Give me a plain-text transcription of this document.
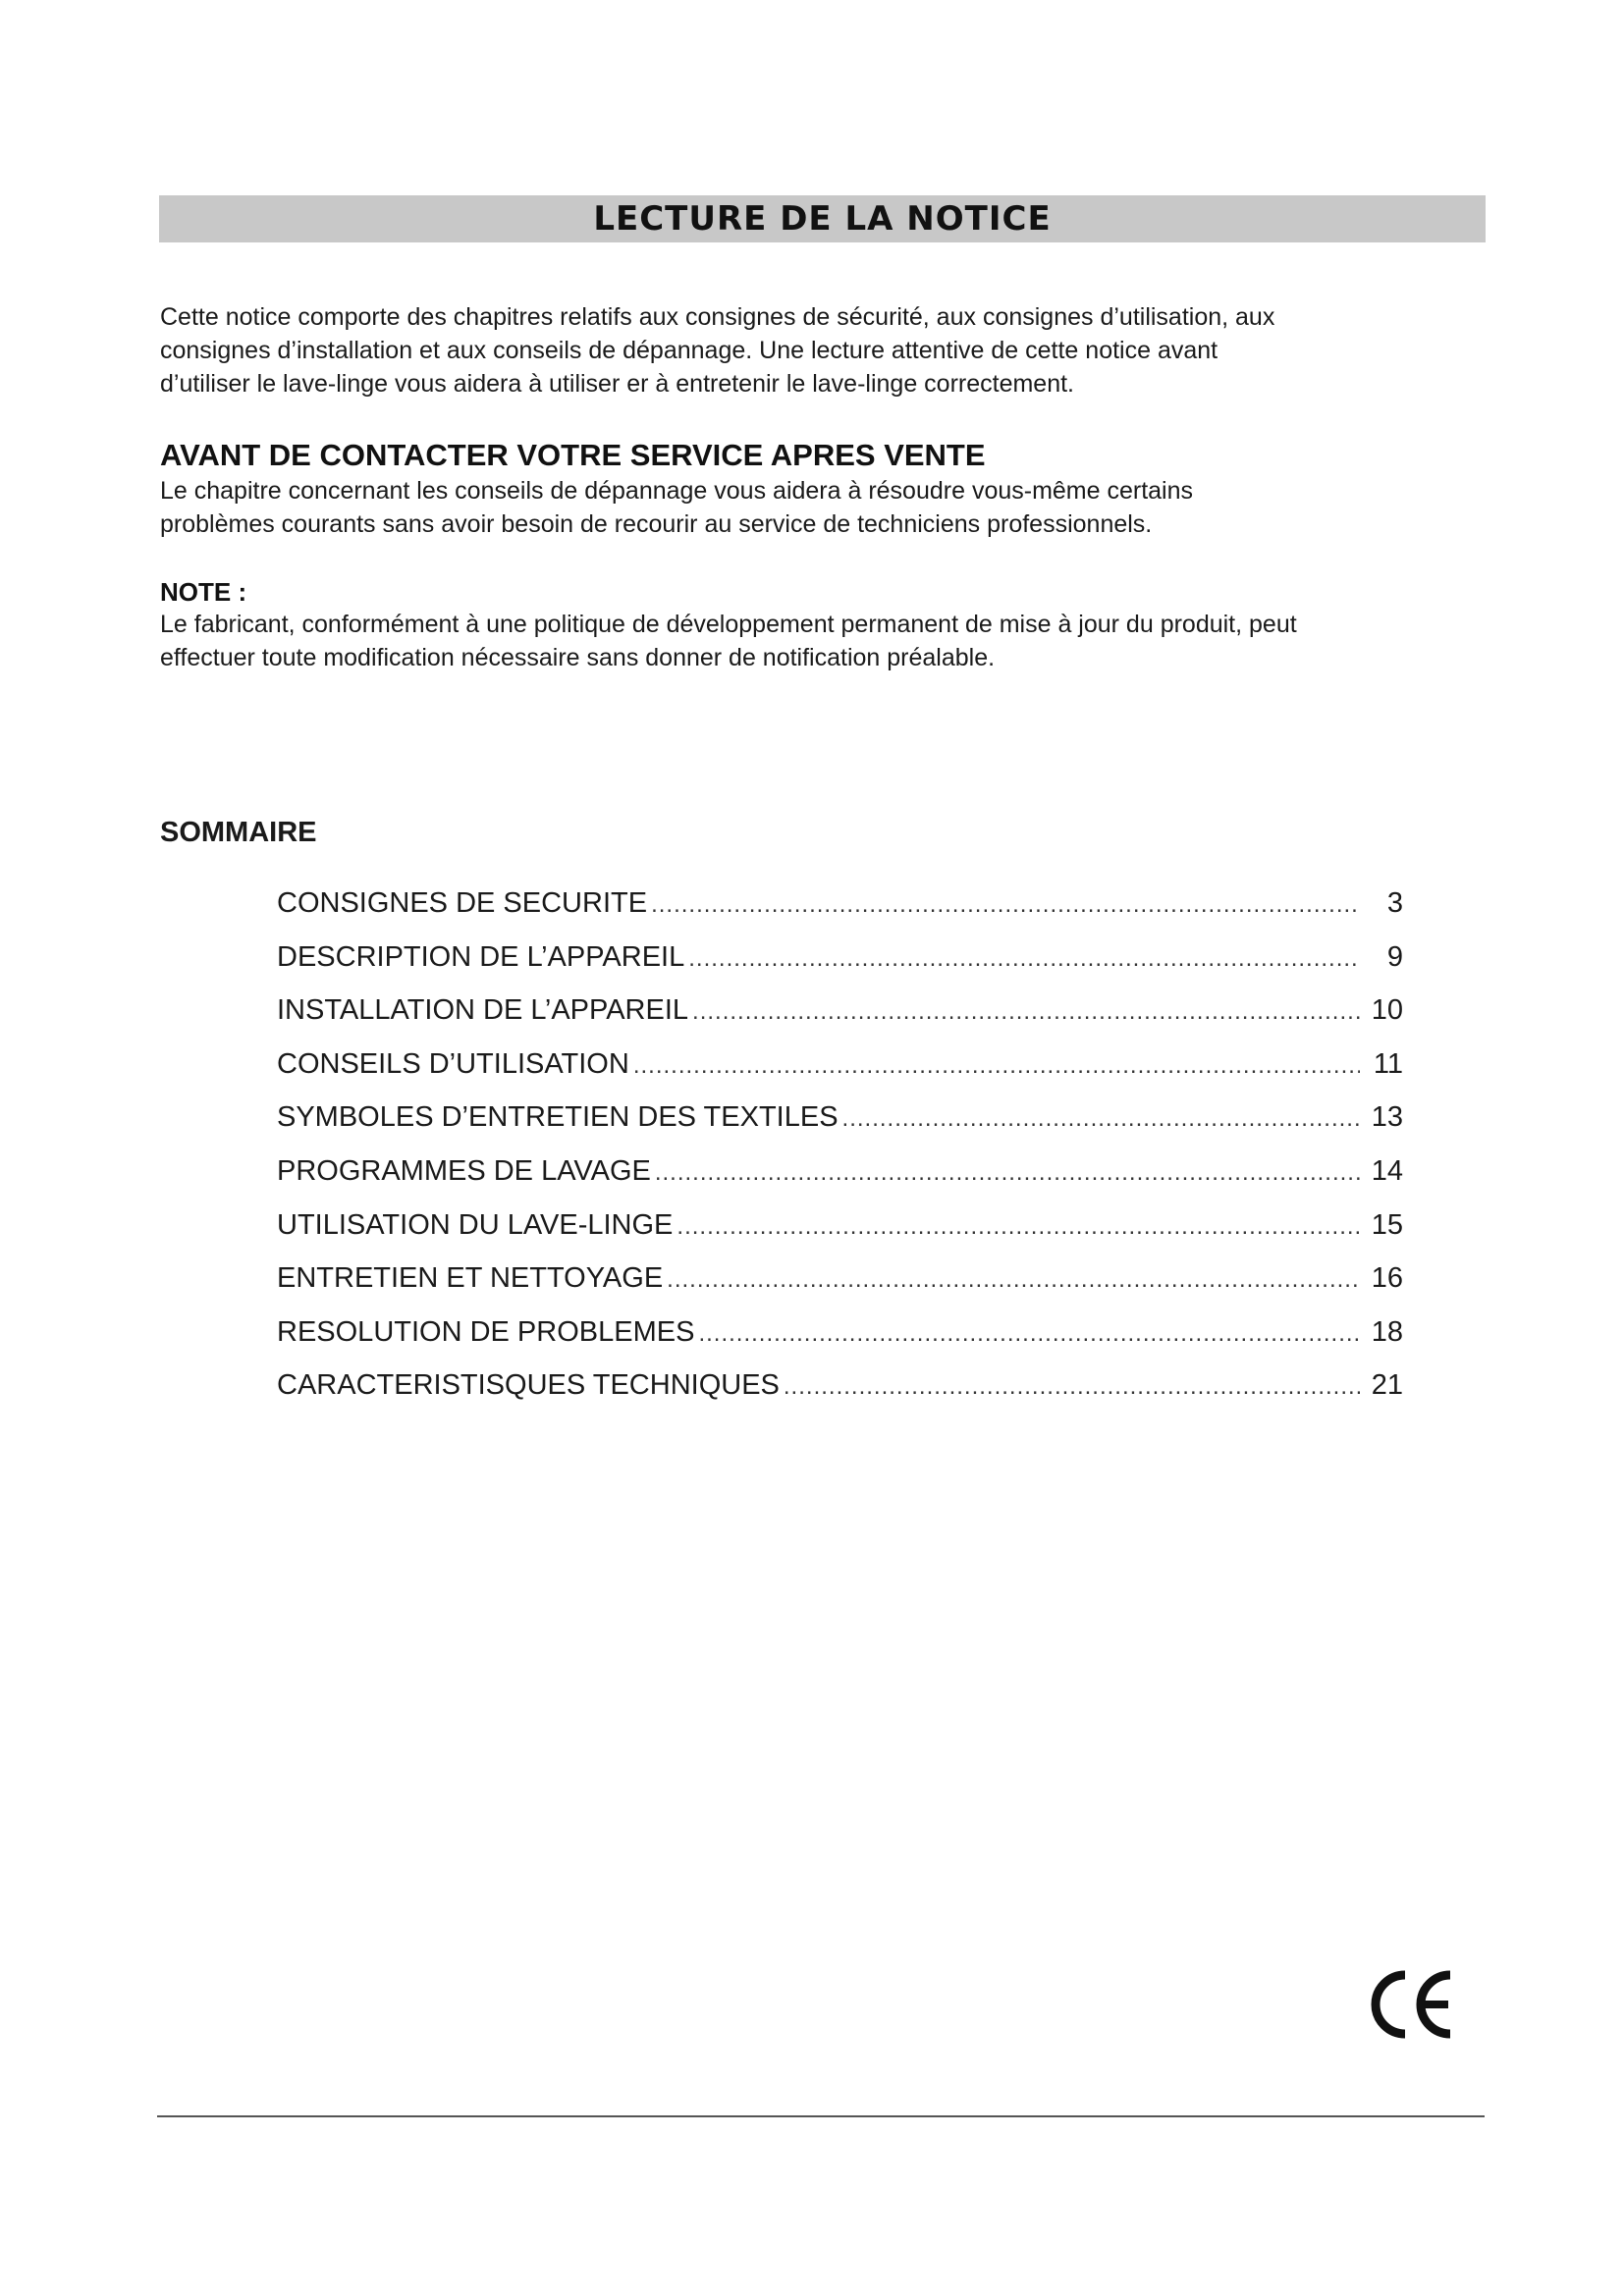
LECTURE DE LA NOTICE

Cette notice comporte des chapitres relatifs aux consignes de sécurité, aux consignes d’utilisation, aux
consignes d’installation et aux conseils de dépannage. Une lecture attentive de cette notice avant
d’utiliser le lave-linge vous aidera à utiliser er à entretenir le lave-linge correctement.

AVANT DE CONTACTER VOTRE SERVICE APRES VENTE

Le chapitre concernant les conseils de dépannage vous aidera à résoudre vous-même certains
problèmes courants sans avoir besoin de recourir au service de techniciens professionnels.

NOTE :

Le fabricant, conformément à une politique de développement permanent de mise à jour du produit, peut
effectuer toute modification nécessaire sans donner de notification préalable.

SOMMAIRE
CONSIGNES DE SECURITE .....	3
DESCRIPTION DE L’APPAREIL .....	9
INSTALLATION DE L’APPAREIL .....	10
CONSEILS D’UTILISATION .....	11
SYMBOLES D’ENTRETIEN DES TEXTILES .....	13
PROGRAMMES DE LAVAGE .....	14
UTILISATION DU LAVE-LINGE .....	15
ENTRETIEN ET NETTOYAGE .....	16
RESOLUTION DE PROBLEMES .....	18
CARACTERISTISQUES TECHNIQUES .....	21
